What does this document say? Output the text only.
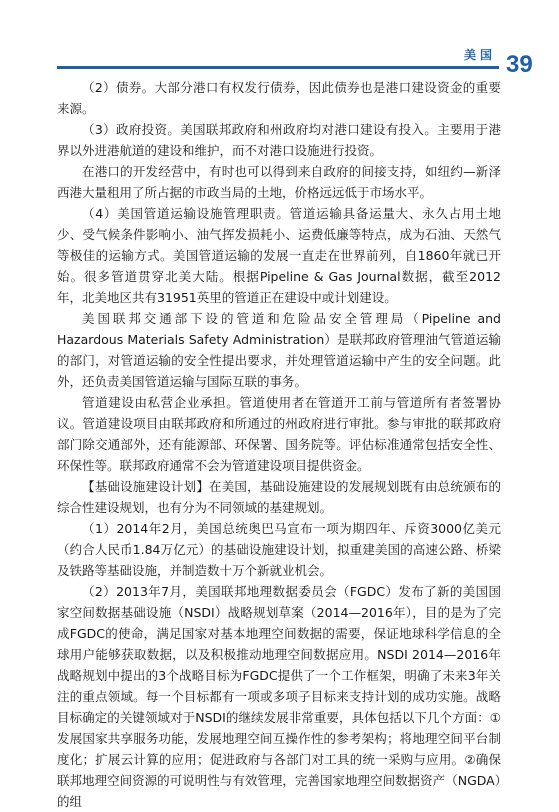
美国 39

（2）债券。大部分港口有权发行债券，因此债券也是港口建设资金的重要来源。

（3）政府投资。美国联邦政府和州政府均对港口建设有投入。主要用于港界以外进港航道的建设和维护，而不对港口设施进行投资。

在港口的开发经营中，有时也可以得到来自政府的间接支持，如纽约—新泽西港大量租用了所占据的市政当局的土地，价格远远低于市场水平。

（4）美国管道运输设施管理职责。管道运输具备运量大、永久占用土地少、受气候条件影响小、油气挥发损耗小、运费低廉等特点，成为石油、天然气等极佳的运输方式。美国管道运输的发展一直走在世界前列，自1860年就已开始。很多管道贯穿北美大陆。根据Pipeline & Gas Journal数据，截至2012年，北美地区共有31951英里的管道正在建设中或计划建设。

美国联邦交通部下设的管道和危险品安全管理局（Pipeline and Hazardous Materials Safety Administration）是联邦政府管理油气管道运输的部门，对管道运输的安全性提出要求，并处理管道运输中产生的安全问题。此外，还负责美国管道运输与国际互联的事务。

管道建设由私营企业承担。管道使用者在管道开工前与管道所有者签署协议。管道建设项目由联邦政府和所通过的州政府进行审批。参与审批的联邦政府部门除交通部外，还有能源部、环保署、国务院等。评估标准通常包括安全性、环保性等。联邦政府通常不会为管道建设项目提供资金。

【基础设施建设计划】在美国，基础设施建设的发展规划既有由总统颁布的综合性建设规划，也有分为不同领域的基建规划。

（1）2014年2月，美国总统奥巴马宣布一项为期四年、斥资3000亿美元（约合人民币1.84万亿元）的基础设施建设计划，拟重建美国的高速公路、桥梁及铁路等基础设施，并制造数十万个新就业机会。

（2）2013年7月，美国联邦地理数据委员会（FGDC）发布了新的美国国家空间数据基础设施（NSDI）战略规划草案（2014—2016年），目的是为了完成FGDC的使命，满足国家对基本地理空间数据的需要，保证地球科学信息的全球用户能够获取数据，以及积极推动地理空间数据应用。NSDI 2014—2016年战略规划中提出的3个战略目标为FGDC提供了一个工作框架，明确了未来3年关注的重点领域。每一个目标都有一项或多项子目标来支持计划的成功实施。战略目标确定的关键领域对于NSDI的继续发展非常重要，具体包括以下几个方面：①发展国家共享服务功能，发展地理空间互操作性的参考架构；将地理空间平台制度化；扩展云计算的应用；促进政府与各部门对工具的统一采购与应用。②确保联邦地理空间资源的可说明性与有效管理，完善国家地理空间数据资产（NGDA）的组
